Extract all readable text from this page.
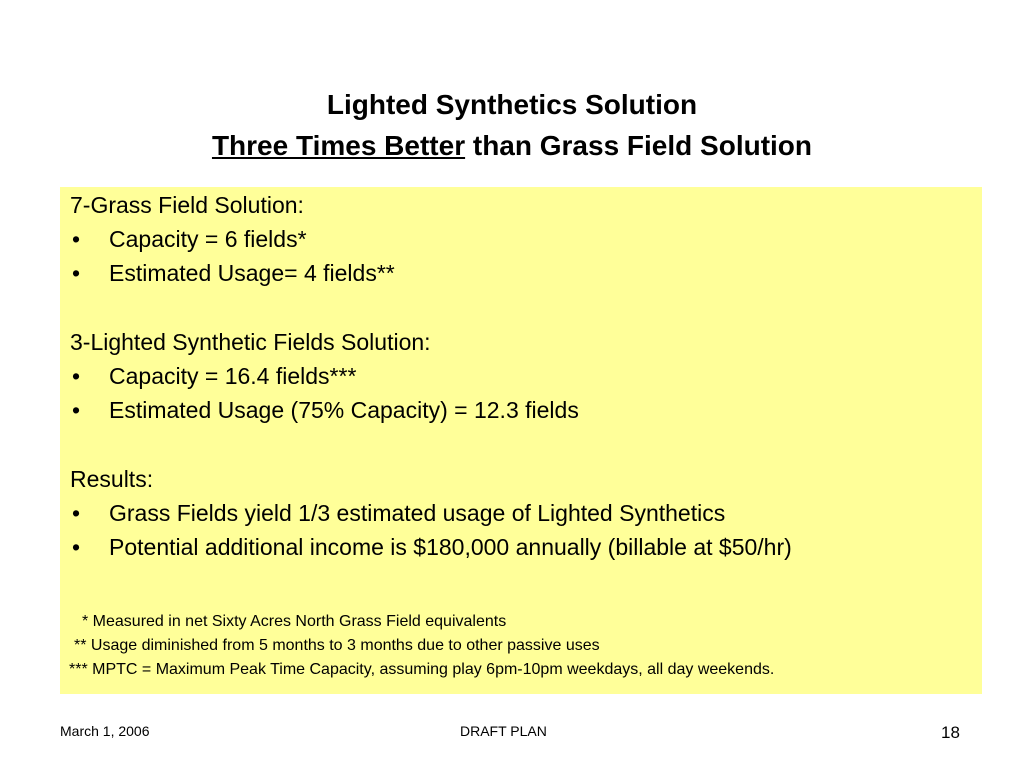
Lighted Synthetics Solution
Three Times Better than Grass Field Solution
7-Grass Field Solution:
• Capacity = 6 fields*
• Estimated Usage= 4 fields**
3-Lighted Synthetic Fields Solution:
• Capacity = 16.4 fields***
• Estimated Usage (75% Capacity) = 12.3 fields
Results:
• Grass Fields yield 1/3 estimated usage of Lighted Synthetics
• Potential additional income is $180,000 annually (billable at $50/hr)
* Measured in net Sixty Acres North Grass Field equivalents
** Usage diminished from 5 months to 3 months due to other passive uses
*** MPTC = Maximum Peak Time Capacity, assuming play 6pm-10pm weekdays, all day weekends.
March 1, 2006	DRAFT PLAN	18
